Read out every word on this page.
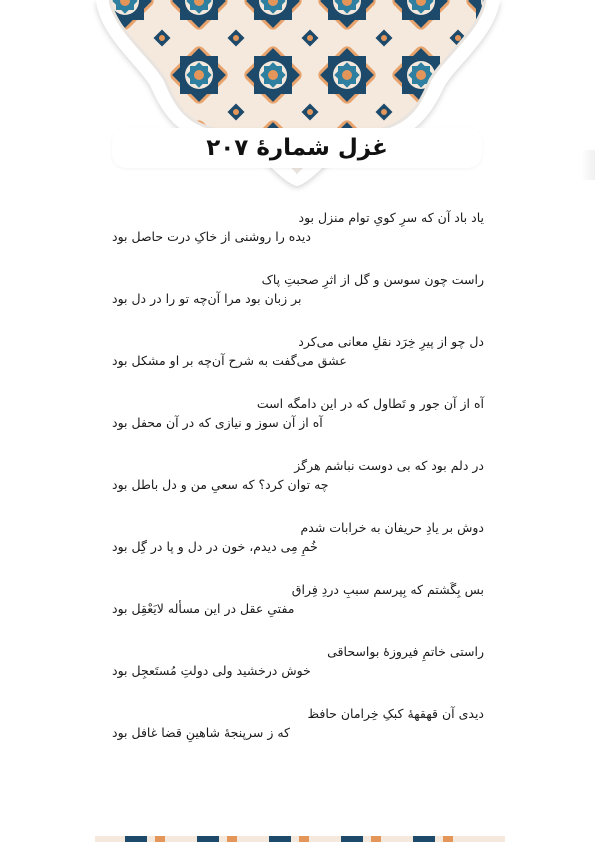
غزل شمارهٔ ۲۰۷
یاد باد آن که سرِ کویِ توام منزل بود
دیده را روشنی از خاکِ درت حاصل بود
راست چون سوسن و گل از اثرِ صحبتِ پاک
بر زبان بود مرا آن‌چه تو را در دل بود
دل چو از پیرِ خِرَد نقلِ معانی می‌کرد
عشق می‌گفت به شرح آن‌چه بر او مشکل بود
آه از آن جور و تَطاول که در این دامگه است
آه از آن سوز و نیازی که در آن محفل بود
در دلم بود که بی دوست نباشم هرگز
چه توان کرد؟ که سعیِ من و دل باطل بود
دوش بر یادِ حریفان به خرابات شدم
خُمِ مِی دیدم، خون در دل و پا در گِل بود
بس بِگَشتم که بِپرسم سببِ دردِ فِراق
مفتیِ عقل در این مسأله لایَعْقِل بود
راستی خاتمِ فیروزهٔ بواسحاقی
خوش درخشید ولی دولتِ مُستَعجِل بود
دیدی آن قهقههٔ کبکِ خِرامان حافظ
که ز سرپنجهٔ شاهینِ قضا غافل بود
